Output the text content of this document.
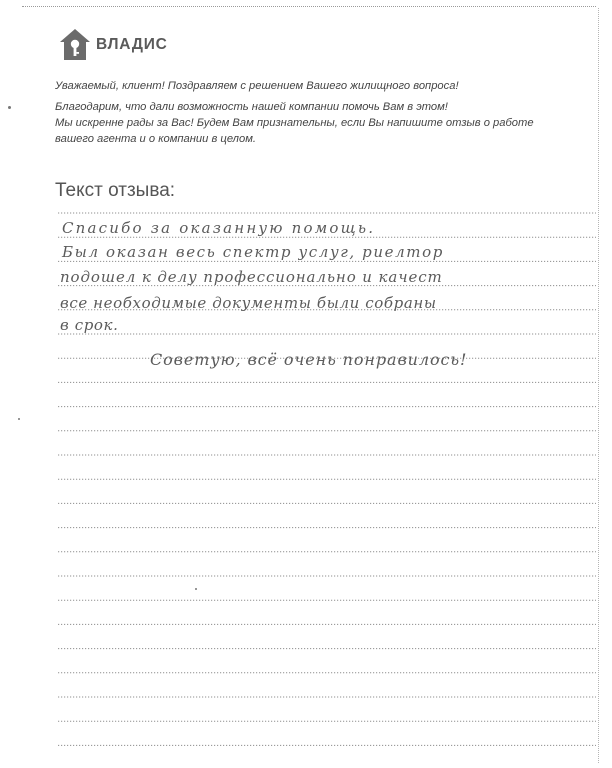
ВЛАДИС
Уважаемый, клиент! Поздравляем с решением Вашего жилищного вопроса!
Благодарим, что дали возможность нашей компании помочь Вам в этом!
Мы искренне рады за Вас! Будем Вам признательны, если Вы напишите отзыв о работе
вашего агента и о компании в целом.
Текст отзыва:
Спасибо за оказанную помощь.
Был оказан весь спектр услуг, риелтор
подошел к делу профессионально и качест
все необходимые документы были собраны
в срок.
Советую, всё очень понравилось!
